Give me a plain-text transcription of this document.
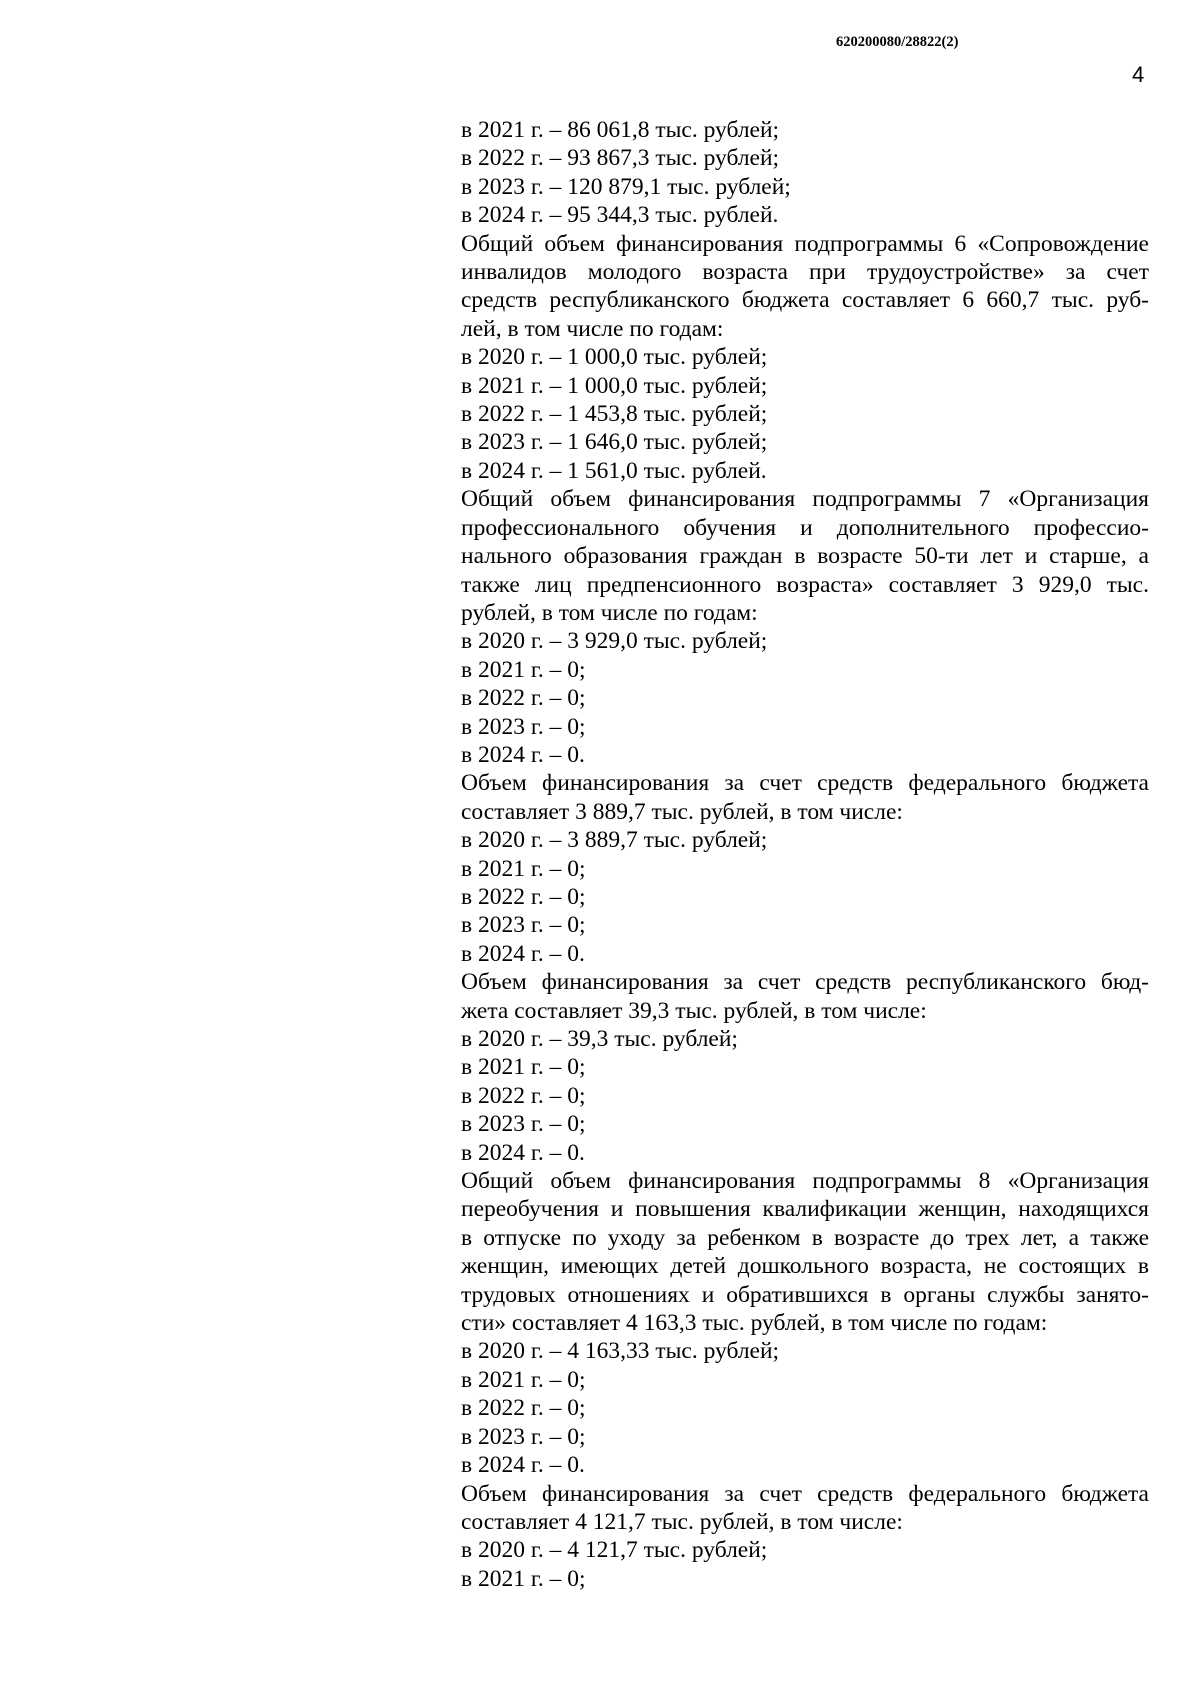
620200080/28822(2)
4
в 2021 г. – 86 061,8 тыс. рублей;
в 2022 г. – 93 867,3 тыс. рублей;
в 2023 г. – 120 879,1 тыс. рублей;
в 2024 г. – 95 344,3 тыс. рублей.
Общий объем финансирования подпрограммы 6 «Сопровождение
инвалидов молодого возраста при трудоустройстве» за счет
средств республиканского бюджета составляет 6 660,7 тыс. руб-
лей, в том числе по годам:
в 2020 г. – 1 000,0 тыс. рублей;
в 2021 г. – 1 000,0 тыс. рублей;
в 2022 г. – 1 453,8 тыс. рублей;
в 2023 г. – 1 646,0 тыс. рублей;
в 2024 г. – 1 561,0 тыс. рублей.
Общий объем финансирования подпрограммы 7 «Организация
профессионального обучения и дополнительного профессио-
нального образования граждан в возрасте 50-ти лет и старше, а
также лиц предпенсионного возраста» составляет 3 929,0 тыс.
рублей, в том числе по годам:
в 2020 г. – 3 929,0 тыс. рублей;
в 2021 г. – 0;
в 2022 г. – 0;
в 2023 г. – 0;
в 2024 г. – 0.
Объем финансирования за счет средств федерального бюджета
составляет 3 889,7 тыс. рублей, в том числе:
в 2020 г. – 3 889,7 тыс. рублей;
в 2021 г. – 0;
в 2022 г. – 0;
в 2023 г. – 0;
в 2024 г. – 0.
Объем финансирования за счет средств республиканского бюд-
жета составляет 39,3 тыс. рублей, в том числе:
в 2020 г. – 39,3 тыс. рублей;
в 2021 г. – 0;
в 2022 г. – 0;
в 2023 г. – 0;
в 2024 г. – 0.
Общий объем финансирования подпрограммы 8 «Организация
переобучения и повышения квалификации женщин, находящихся
в отпуске по уходу за ребенком в возрасте до трех лет, а также
женщин, имеющих детей дошкольного возраста, не состоящих в
трудовых отношениях и обратившихся в органы службы занято-
сти» составляет 4 163,3 тыс. рублей, в том числе по годам:
в 2020 г. – 4 163,33 тыс. рублей;
в 2021 г. – 0;
в 2022 г. – 0;
в 2023 г. – 0;
в 2024 г. – 0.
Объем финансирования за счет средств федерального бюджета
составляет 4 121,7 тыс. рублей, в том числе:
в 2020 г. – 4 121,7 тыс. рублей;
в 2021 г. – 0;
